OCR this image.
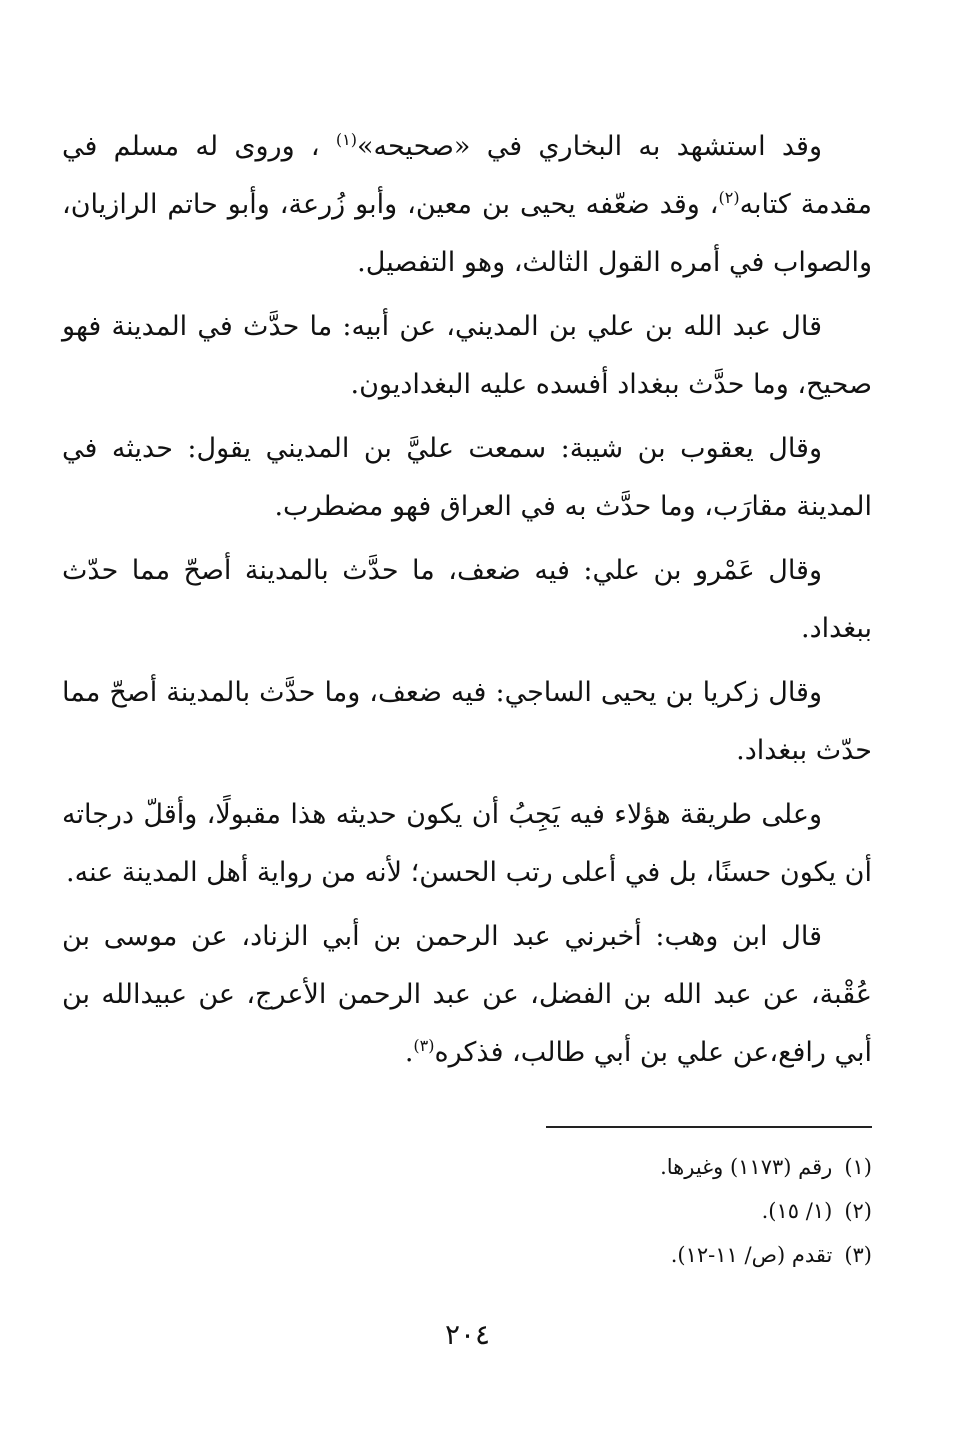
وقد استشهد به البخاري في «صحيحه»$^{(١)}$ ، وروى له مسلم في مقدمة كتابه$^{(٢)}$، وقد ضعّفه يحيى بن معين، وأبو زُرعة، وأبو حاتم الرازيان، والصواب في أمره القول الثالث، وهو التفصيل.

قال عبد الله بن علي بن المديني، عن أبيه: ما حدَّث في المدينة فهو صحيح، وما حدَّث ببغداد أفسده عليه البغداديون.

وقال يعقوب بن شيبة: سمعت عليَّ بن المديني يقول: حديثه في المدينة مقارَب، وما حدَّث به في العراق فهو مضطرب.

وقال عَمْرو بن علي: فيه ضعف، ما حدَّث بالمدينة أصحّ مما حدّث ببغداد.

وقال زكريا بن يحيى الساجي: فيه ضعف، وما حدَّث بالمدينة أصحّ مما حدّث ببغداد.

وعلى طريقة هؤلاء فيه يَجِبُ أن يكون حديثه هذا مقبولًا، وأقلّ درجاته أن يكون حسنًا، بل في أعلى رتب الحسن؛ لأنه من رواية أهل المدينة عنه.

قال ابن وهب: أخبرني عبد الرحمن بن أبي الزناد، عن موسى بن عُقْبة، عن عبد الله بن الفضل، عن عبد الرحمن الأعرج، عن عبيدالله بن أبي رافع،عن علي بن أبي طالب، فذكره$^{(٣)}$.

(١)رقم (١١٧٣) وغيرها.

(٢)(١/ ١٥).

(٣)تقدم (ص/ ١١-١٢).

٢٠٤
